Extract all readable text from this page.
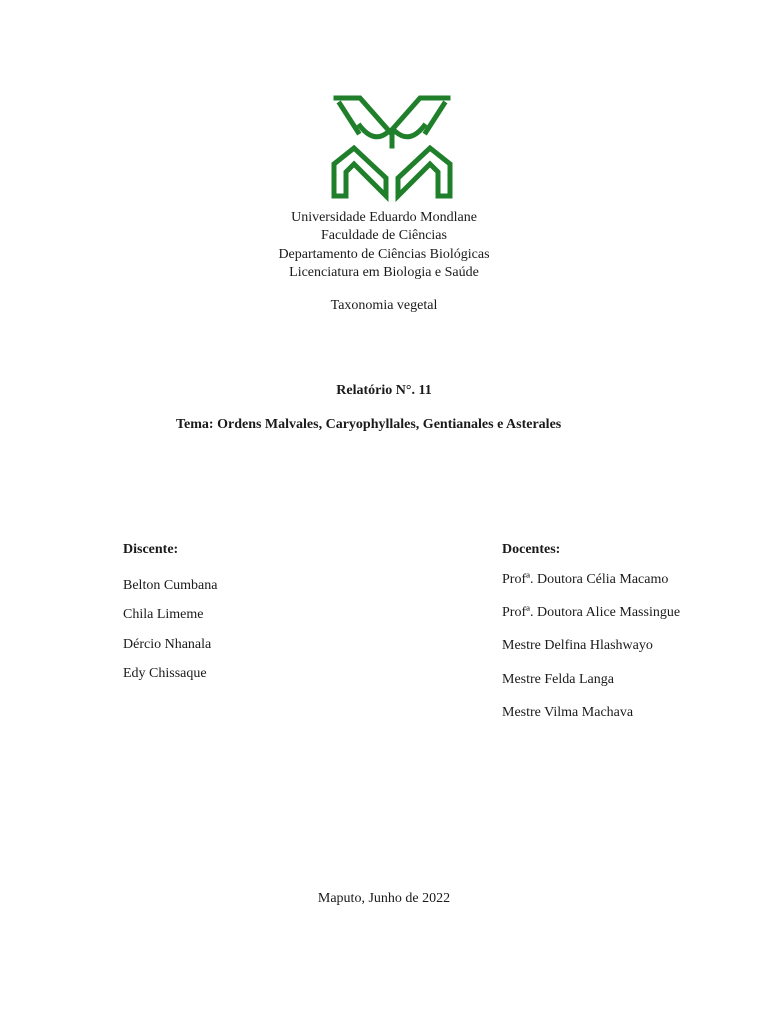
Universidade Eduardo Mondlane
Faculdade de Ciências
Departamento de Ciências Biológicas
Licenciatura em Biologia e Saúde
Taxonomia vegetal
Relatório N°. 11
Tema: Ordens Malvales, Caryophyllales, Gentianales e Asterales
Discente:
Belton Cumbana
Chila Limeme
Dércio Nhanala
Edy Chissaque
Docentes:
Profª. Doutora Célia Macamo
Profª. Doutora Alice Massingue
Mestre Delfina Hlashwayo
Mestre Felda Langa
Mestre Vilma Machava
Maputo, Junho de 2022
